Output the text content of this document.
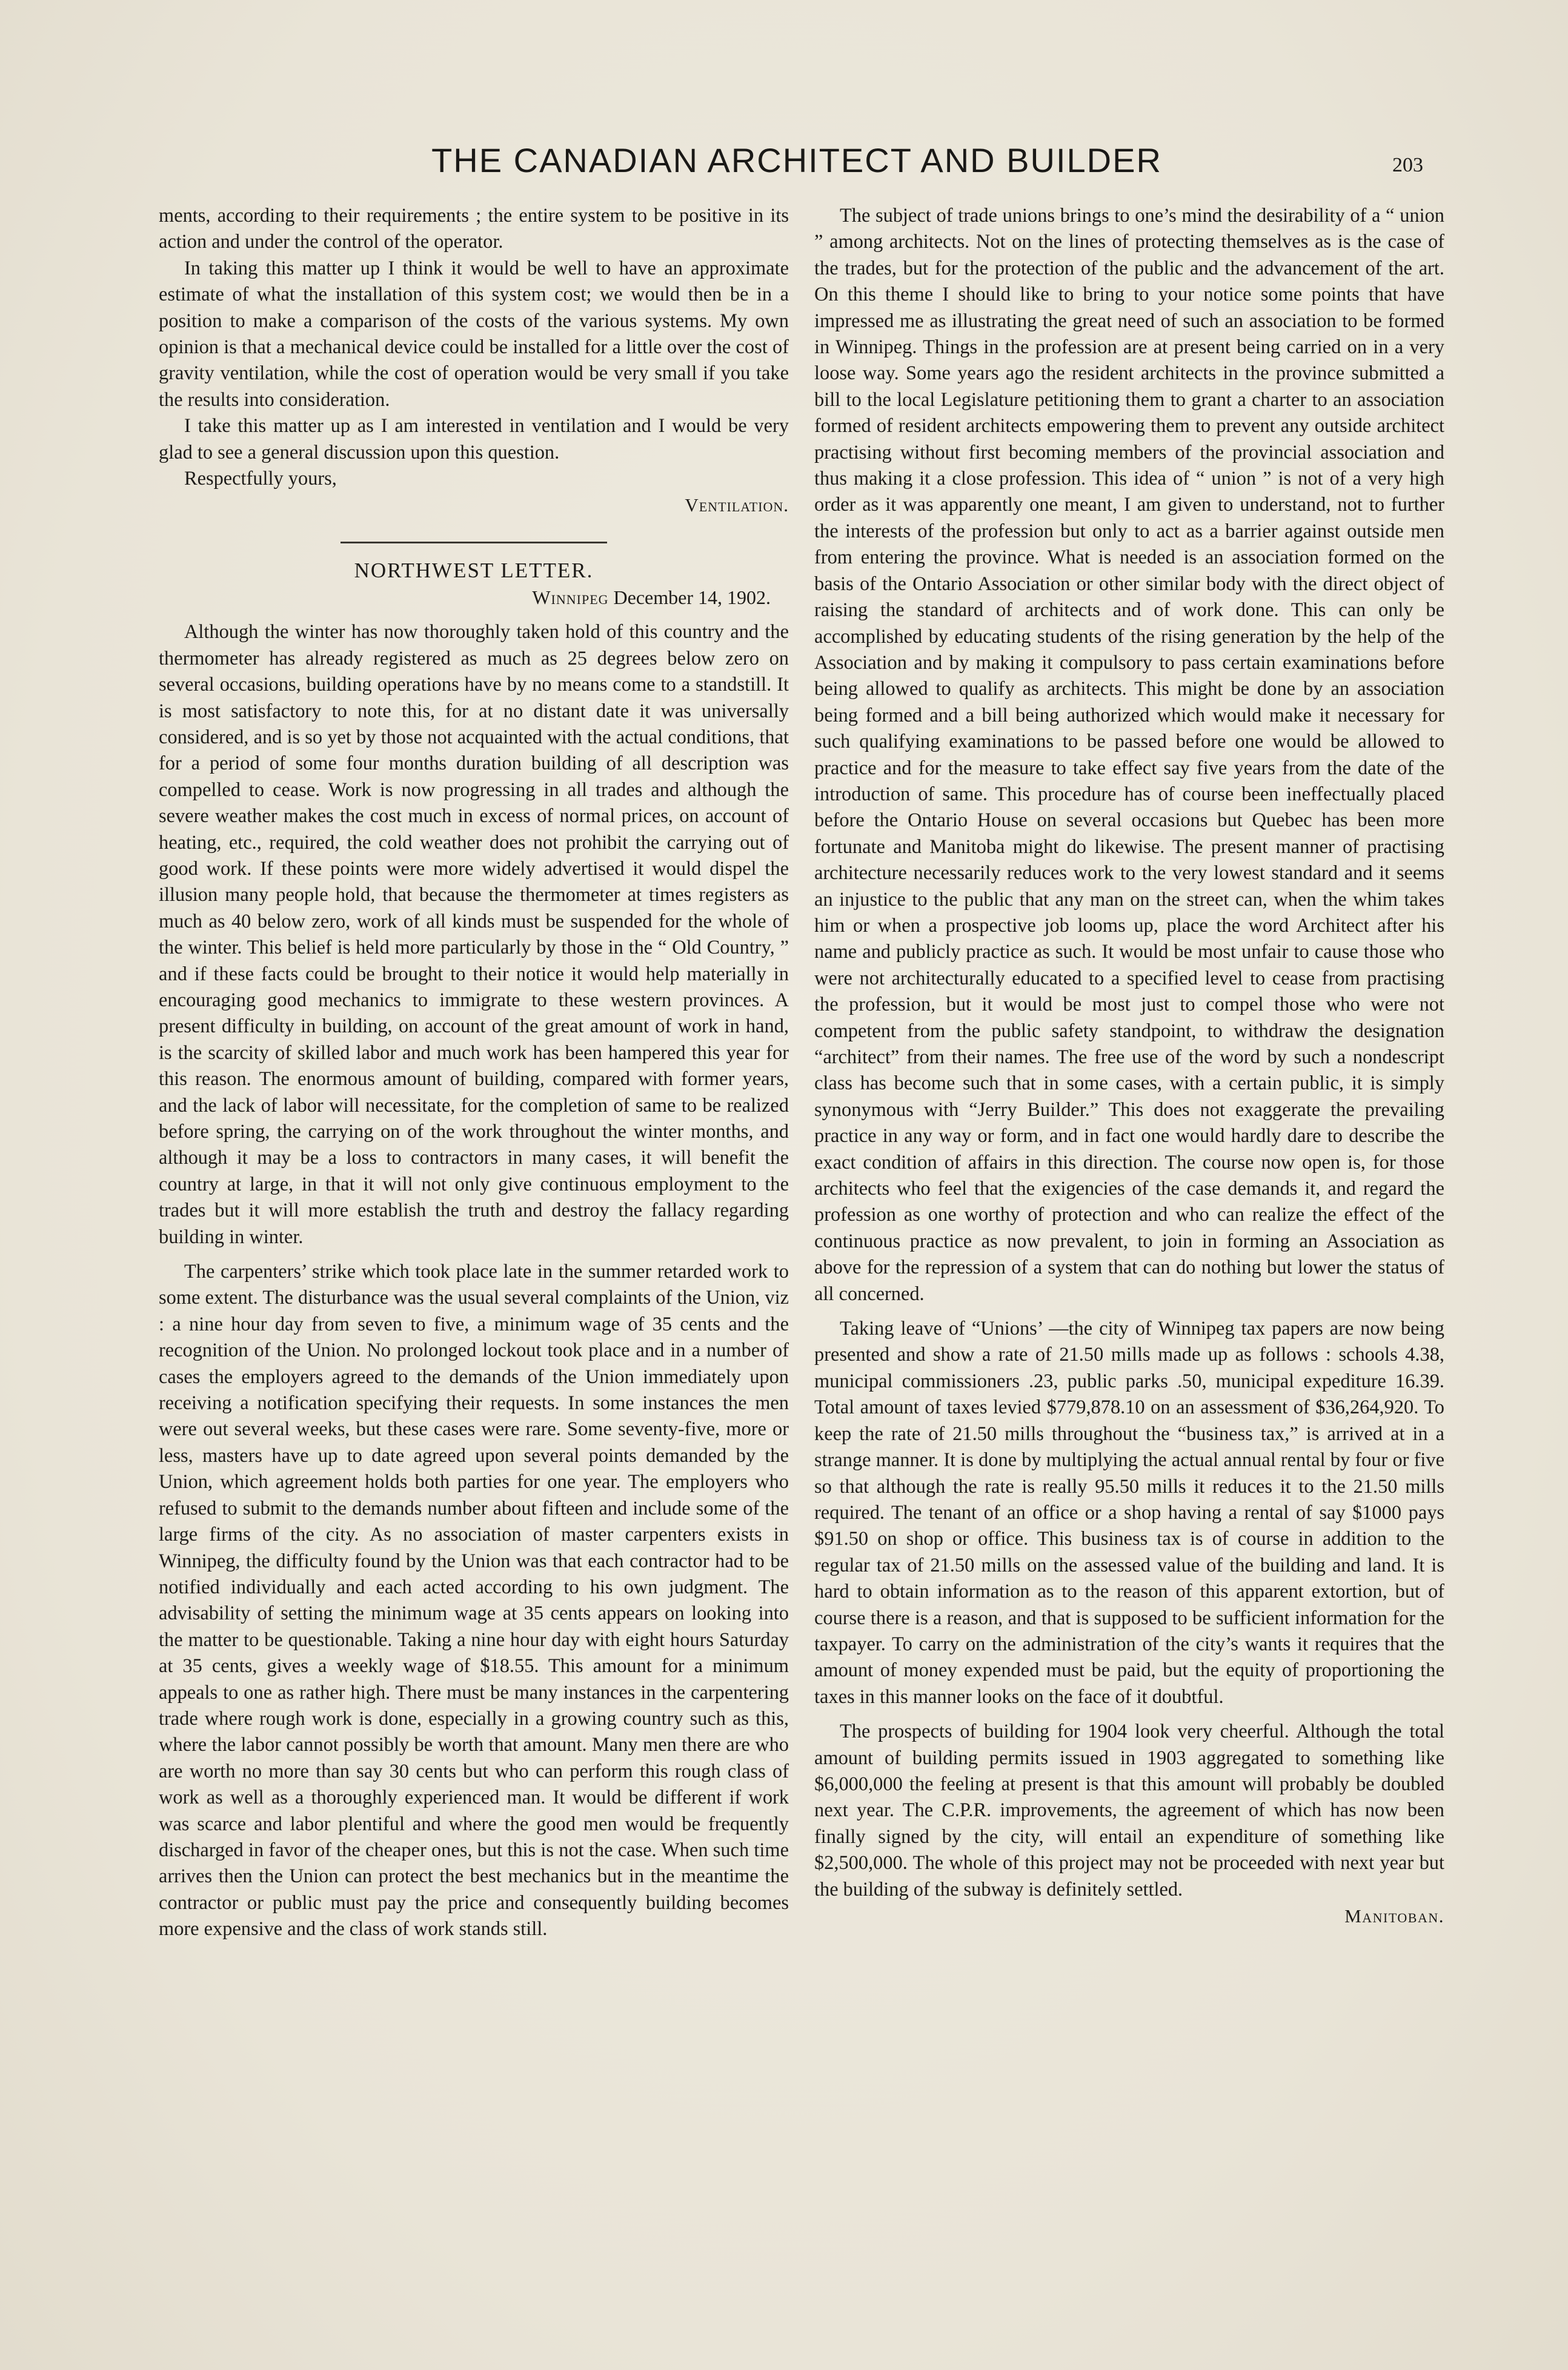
THE CANADIAN ARCHITECT AND BUILDER	203

ments, according to their requirements ; the entire system to be positive in its action and under the control of the operator.

In taking this matter up I think it would be well to have an approximate estimate of what the installation of this system cost; we would then be in a position to make a comparison of the costs of the various systems. My own opinion is that a mechanical device could be installed for a little over the cost of gravity ventilation, while the cost of operation would be very small if you take the results into consideration.

I take this matter up as I am interested in ventilation and I would be very glad to see a general discussion upon this question.

Respectfully yours,

Ventilation.

NORTHWEST LETTER.
Winnipeg December 14, 1902.

Although the winter has now thoroughly taken hold of this country and the thermometer has already registered as much as 25 degrees below zero on several occasions, building operations have by no means come to a standstill. It is most satisfactory to note this, for at no distant date it was universally considered, and is so yet by those not acquainted with the actual conditions, that for a period of some four months duration building of all description was compelled to cease. Work is now progressing in all trades and although the severe weather makes the cost much in excess of normal prices, on account of heating, etc., required, the cold weather does not prohibit the carrying out of good work. If these points were more widely advertised it would dispel the illusion many people hold, that because the thermometer at times registers as much as 40 below zero, work of all kinds must be suspended for the whole of the winter. This belief is held more particularly by those in the “ Old Country, ” and if these facts could be brought to their notice it would help materially in encouraging good mechanics to immigrate to these western provinces. A present difficulty in building, on account of the great amount of work in hand, is the scarcity of skilled labor and much work has been hampered this year for this reason. The enormous amount of building, compared with former years, and the lack of labor will necessitate, for the completion of same to be realized before spring, the carrying on of the work throughout the winter months, and although it may be a loss to contractors in many cases, it will benefit the country at large, in that it will not only give continuous employment to the trades but it will more establish the truth and destroy the fallacy regarding building in winter.

The carpenters’ strike which took place late in the summer retarded work to some extent. The disturbance was the usual several complaints of the Union, viz : a nine hour day from seven to five, a minimum wage of 35 cents and the recognition of the Union. No prolonged lockout took place and in a number of cases the employers agreed to the demands of the Union immediately upon receiving a notification specifying their requests. In some instances the men were out several weeks, but these cases were rare. Some seventy-five, more or less, masters have up to date agreed upon several points demanded by the Union, which agreement holds both parties for one year. The employers who refused to submit to the demands number about fifteen and include some of the large firms of the city. As no association of master carpenters exists in Winnipeg, the difficulty found by the Union was that each contractor had to be notified individually and each acted according to his own judgment. The advisability of setting the minimum wage at 35 cents appears on looking into the matter to be questionable. Taking a nine hour day with eight hours Saturday at 35 cents, gives a weekly wage of $18.55. This amount for a minimum appeals to one as rather high. There must be many instances in the carpentering trade where rough work is done, especially in a growing country such as this, where the labor cannot possibly be worth that amount. Many men there are who are worth no more than say 30 cents but who can perform this rough class of work as well as a thoroughly experienced man. It would be different if work was scarce and labor plentiful and where the good men would be frequently discharged in favor of the cheaper ones, but this is not the case. When such time arrives then the Union can protect the best mechanics but in the meantime the contractor or public must pay the price and consequently building becomes more expensive and the class of work stands still.

The subject of trade unions brings to one’s mind the desirability of a “ union ” among architects. Not on the lines of protecting themselves as is the case of the trades, but for the protection of the public and the advancement of the art. On this theme I should like to bring to your notice some points that have impressed me as illustrating the great need of such an association to be formed in Winnipeg. Things in the profession are at present being carried on in a very loose way. Some years ago the resident architects in the province submitted a bill to the local Legislature petitioning them to grant a charter to an association formed of resident architects empowering them to prevent any outside architect practising without first becoming members of the provincial association and thus making it a close profession. This idea of “ union ” is not of a very high order as it was apparently one meant, I am given to understand, not to further the interests of the profession but only to act as a barrier against outside men from entering the province. What is needed is an association formed on the basis of the Ontario Association or other similar body with the direct object of raising the standard of architects and of work done. This can only be accomplished by educating students of the rising generation by the help of the Association and by making it compulsory to pass certain examinations before being allowed to qualify as architects. This might be done by an association being formed and a bill being authorized which would make it necessary for such qualifying examinations to be passed before one would be allowed to practice and for the measure to take effect say five years from the date of the introduction of same. This procedure has of course been ineffectually placed before the Ontario House on several occasions but Quebec has been more fortunate and Manitoba might do likewise. The present manner of practising architecture necessarily reduces work to the very lowest standard and it seems an injustice to the public that any man on the street can, when the whim takes him or when a prospective job looms up, place the word Architect after his name and publicly practice as such. It would be most unfair to cause those who were not architecturally educated to a specified level to cease from practising the profession, but it would be most just to compel those who were not competent from the public safety standpoint, to withdraw the designation “architect” from their names. The free use of the word by such a nondescript class has become such that in some cases, with a certain public, it is simply synonymous with “Jerry Builder.” This does not exaggerate the prevailing practice in any way or form, and in fact one would hardly dare to describe the exact condition of affairs in this direction. The course now open is, for those architects who feel that the exigencies of the case demands it, and regard the profession as one worthy of protection and who can realize the effect of the continuous practice as now prevalent, to join in forming an Association as above for the repression of a system that can do nothing but lower the status of all concerned.

Taking leave of “Unions’ —the city of Winnipeg tax papers are now being presented and show a rate of 21.50 mills made up as follows : schools 4.38, municipal commissioners .23, public parks .50, municipal expediture 16.39. Total amount of taxes levied $779,878.10 on an assessment of $36,264,920. To keep the rate of 21.50 mills throughout the “business tax,” is arrived at in a strange manner. It is done by multiplying the actual annual rental by four or five so that although the rate is really 95.50 mills it reduces it to the 21.50 mills required. The tenant of an office or a shop having a rental of say $1000 pays $91.50 on shop or office. This business tax is of course in addition to the regular tax of 21.50 mills on the assessed value of the building and land. It is hard to obtain information as to the reason of this apparent extortion, but of course there is a reason, and that is supposed to be sufficient information for the taxpayer. To carry on the administration of the city’s wants it requires that the amount of money expended must be paid, but the equity of proportioning the taxes in this manner looks on the face of it doubtful.

The prospects of building for 1904 look very cheerful. Although the total amount of building permits issued in 1903 aggregated to something like $6,000,000 the feeling at present is that this amount will probably be doubled next year. The C.P.R. improvements, the agreement of which has now been finally signed by the city, will entail an expenditure of something like $2,500,000. The whole of this project may not be proceeded with next year but the building of the subway is definitely settled.

Manitoban.
